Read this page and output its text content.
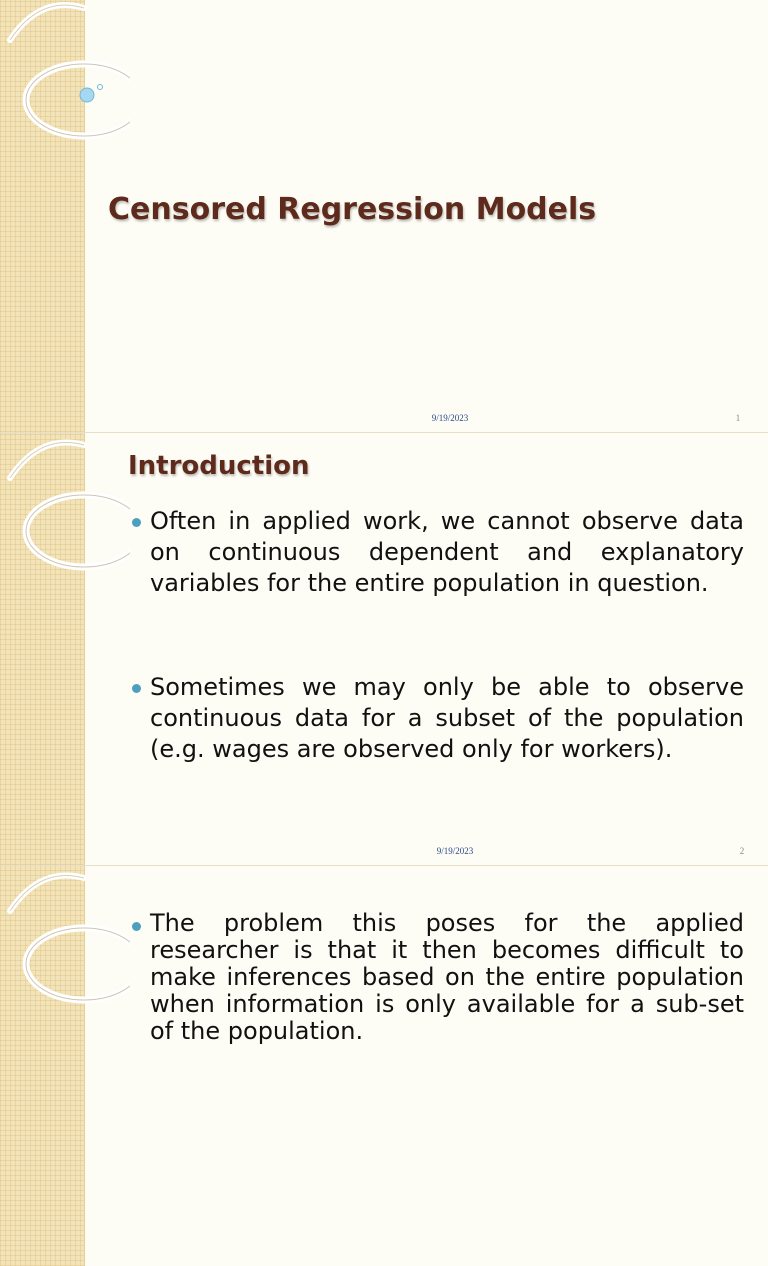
Censored Regression Models
9/19/2023	1
Introduction

Often in applied work, we cannot observe data on continuous dependent and explanatory variables for the entire population in question.

Sometimes we may only be able to observe continuous data for a subset of the population (e.g. wages are observed only for workers).

9/19/2023	2

The problem this poses for the applied researcher is that it then becomes difficult to make inferences based on the entire population when information is only available for a sub-set of the population.
